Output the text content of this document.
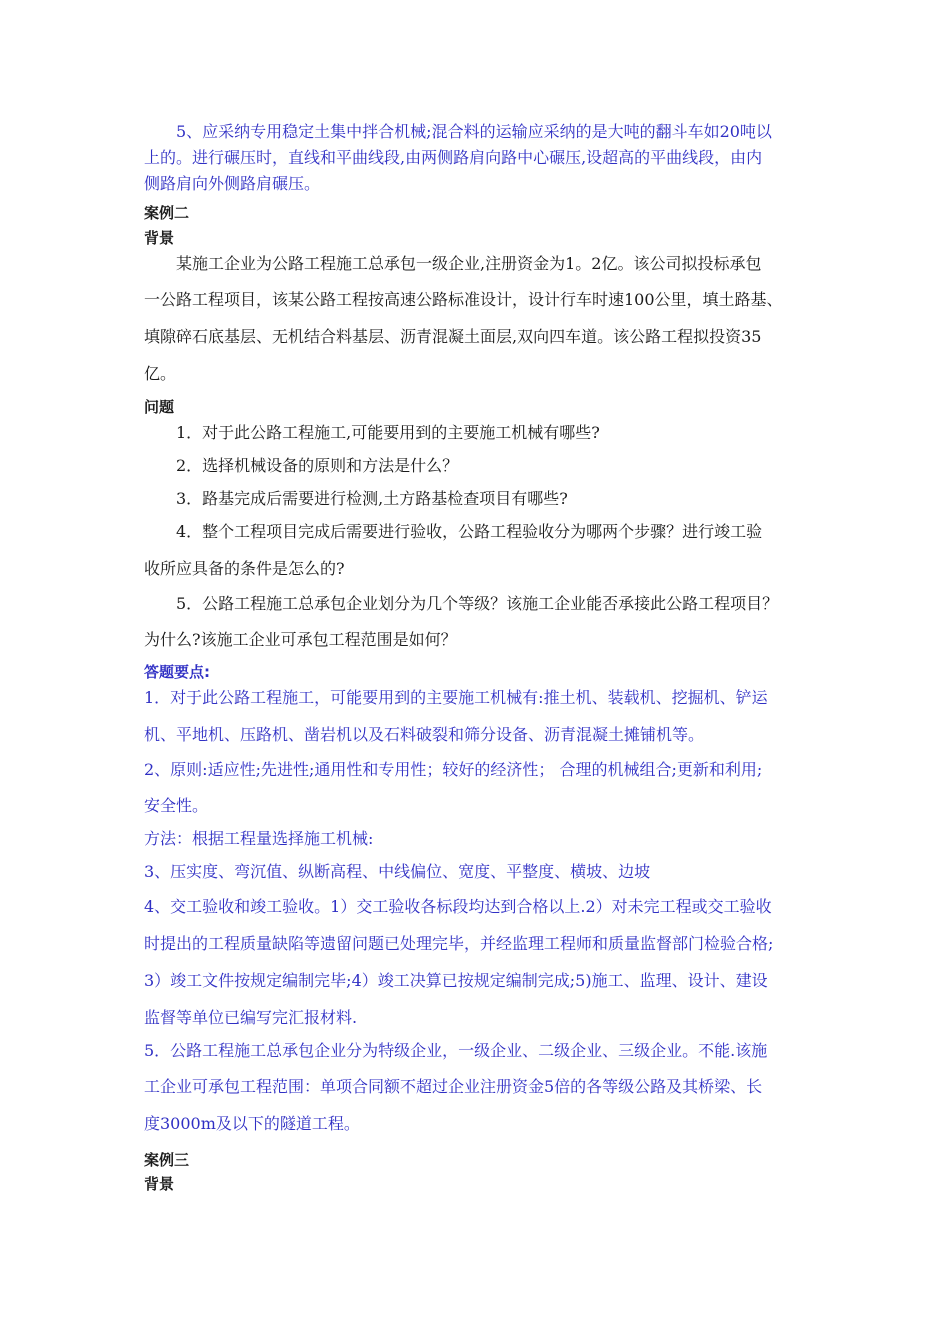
5、应采纳专用稳定土集中拌合机械;混合料的运输应采纳的是大吨的翻斗车如20吨以
上的。进行碾压时，直线和平曲线段,由两侧路肩向路中心碾压,设超高的平曲线段，由内
侧路肩向外侧路肩碾压。
案例二
背景
某施工企业为公路工程施工总承包一级企业,注册资金为1。2亿。该公司拟投标承包
一公路工程项目，该某公路工程按高速公路标准设计，设计行车时速100公里，填土路基、
填隙碎石底基层、无机结合料基层、沥青混凝土面层,双向四车道。该公路工程拟投资35
亿。
问题
1．对于此公路工程施工,可能要用到的主要施工机械有哪些?
2．选择机械设备的原则和方法是什么？
3．路基完成后需要进行检测,土方路基检查项目有哪些?
4．整个工程项目完成后需要进行验收，公路工程验收分为哪两个步骤？进行竣工验
收所应具备的条件是怎么的?
5．公路工程施工总承包企业划分为几个等级？该施工企业能否承接此公路工程项目？
为什么?该施工企业可承包工程范围是如何？
答题要点:
1．对于此公路工程施工，可能要用到的主要施工机械有:推土机、装载机、挖掘机、铲运
机、平地机、压路机、凿岩机以及石料破裂和筛分设备、沥青混凝土摊铺机等。
2、原则:适应性;先进性;通用性和专用性；较好的经济性； 合理的机械组合;更新和利用;
安全性。
方法：根据工程量选择施工机械:
3、压实度、弯沉值、纵断高程、中线偏位、宽度、平整度、横坡、边坡
4、交工验收和竣工验收。1）交工验收各标段均达到合格以上.2）对未完工程或交工验收
时提出的工程质量缺陷等遗留问题已处理完毕，并经监理工程师和质量监督部门检验合格;
3）竣工文件按规定编制完毕;4）竣工决算已按规定编制完成;5)施工、监理、设计、建设
监督等单位已编写完汇报材料.
5．公路工程施工总承包企业分为特级企业，一级企业、二级企业、三级企业。不能.该施
工企业可承包工程范围：单项合同额不超过企业注册资金5倍的各等级公路及其桥梁、长
度3000m及以下的隧道工程。
案例三
背景
